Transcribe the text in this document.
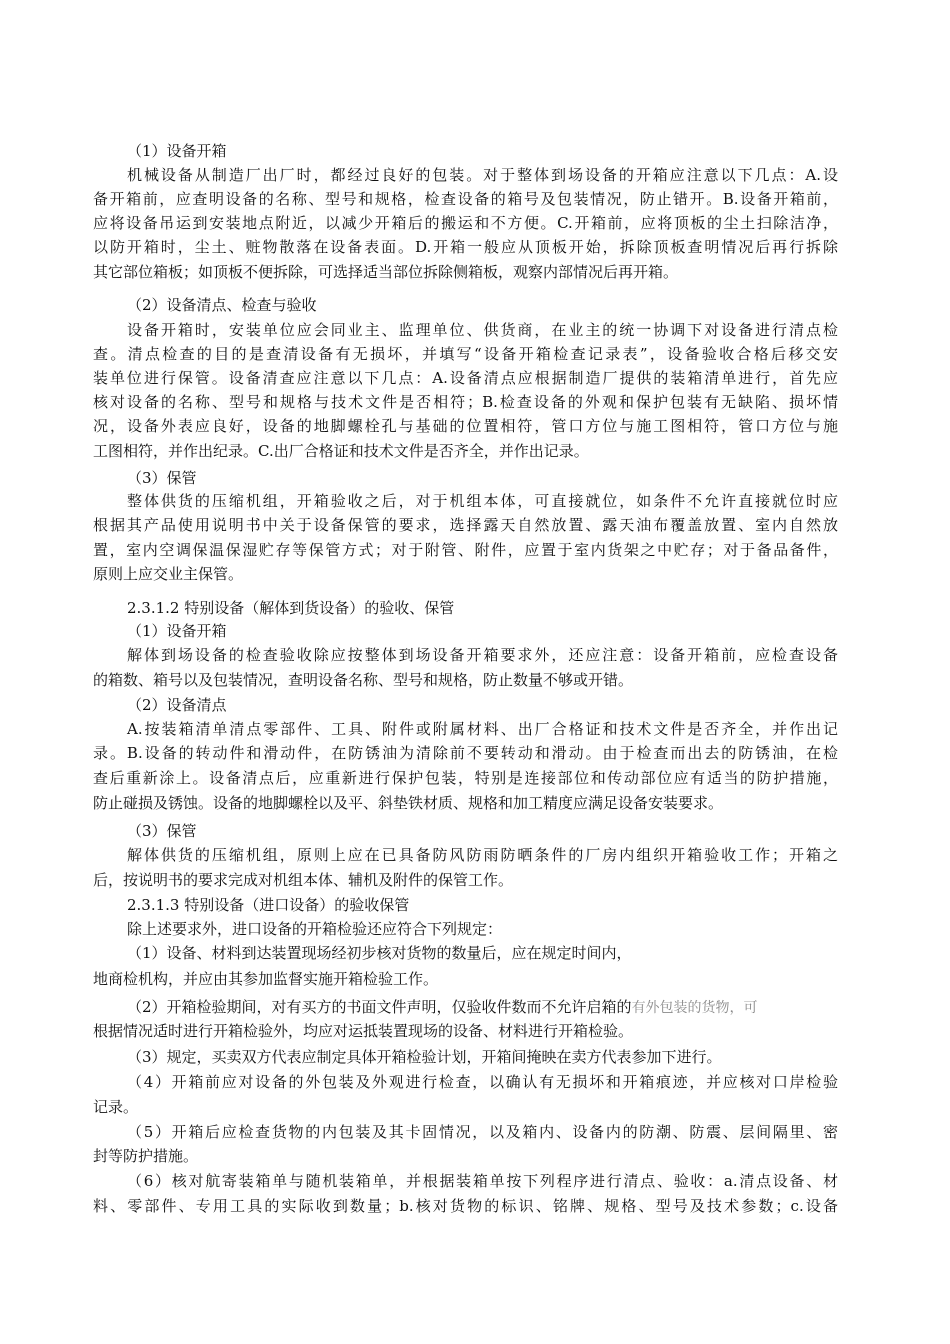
（1）设备开箱
机械设备从制造厂出厂时，都经过良好的包装。对于整体到场设备的开箱应注意以下几点：A.设
备开箱前，应查明设备的名称、型号和规格，检查设备的箱号及包装情况，防止错开。B.设备开箱前，
应将设备吊运到安装地点附近，以减少开箱后的搬运和不方便。C.开箱前，应将顶板的尘土扫除洁净，
以防开箱时，尘土、赃物散落在设备表面。D.开箱一般应从顶板开始，拆除顶板查明情况后再行拆除
其它部位箱板；如顶板不便拆除，可选择适当部位拆除侧箱板，观察内部情况后再开箱。
（2）设备清点、检查与验收
设备开箱时，安装单位应会同业主、监理单位、供货商，在业主的统一协调下对设备进行清点检
查。清点检查的目的是查清设备有无损坏，并填写“设备开箱检查记录表”，设备验收合格后移交安
装单位进行保管。设备清查应注意以下几点：A.设备清点应根据制造厂提供的装箱清单进行，首先应
核对设备的名称、型号和规格与技术文件是否相符；B.检查设备的外观和保护包装有无缺陷、损坏情
况，设备外表应良好，设备的地脚螺栓孔与基础的位置相符，管口方位与施工图相符，管口方位与施
工图相符，并作出纪录。C.出厂合格证和技术文件是否齐全，并作出记录。
（3）保管
整体供货的压缩机组，开箱验收之后，对于机组本体，可直接就位，如条件不允许直接就位时应
根据其产品使用说明书中关于设备保管的要求，选择露天自然放置、露天油布覆盖放置、室内自然放
置，室内空调保温保湿贮存等保管方式；对于附管、附件，应置于室内货架之中贮存；对于备品备件，
原则上应交业主保管。
2.3.1.2 特别设备（解体到货设备）的验收、保管
（1）设备开箱
解体到场设备的检查验收除应按整体到场设备开箱要求外，还应注意：设备开箱前，应检查设备
的箱数、箱号以及包装情况，查明设备名称、型号和规格，防止数量不够或开错。
（2）设备清点
A.按装箱清单清点零部件、工具、附件或附属材料、出厂合格证和技术文件是否齐全，并作出记
录。B.设备的转动件和滑动件，在防锈油为清除前不要转动和滑动。由于检查而出去的防锈油，在检
查后重新涂上。设备清点后，应重新进行保护包装，特别是连接部位和传动部位应有适当的防护措施，
防止碰损及锈蚀。设备的地脚螺栓以及平、斜垫铁材质、规格和加工精度应满足设备安装要求。
（3）保管
解体供货的压缩机组，原则上应在已具备防风防雨防晒条件的厂房内组织开箱验收工作；开箱之
后，按说明书的要求完成对机组本体、辅机及附件的保管工作。
2.3.1.3 特别设备（进口设备）的验收保管
除上述要求外，进口设备的开箱检验还应符合下列规定：
（1）设备、材料到达装置现场经初步核对货物的数量后，应在规定时间内，
地商检机构，并应由其参加监督实施开箱检验工作。
（2）开箱检验期间，对有买方的书面文件声明，仅验收件数而不允许启箱的有外包装的货物，可
根据情况适时进行开箱检验外，均应对运抵装置现场的设备、材料进行开箱检验。
（3）规定，买卖双方代表应制定具体开箱检验计划，开箱间掩映在卖方代表参加下进行。
（4）开箱前应对设备的外包装及外观进行检查，以确认有无损坏和开箱痕迹，并应核对口岸检验
记录。
（5）开箱后应检查货物的内包装及其卡固情况，以及箱内、设备内的防潮、防震、层间隔里、密
封等防护措施。
（6）核对航寄装箱单与随机装箱单，并根据装箱单按下列程序进行清点、验收：a.清点设备、材
料、零部件、专用工具的实际收到数量；b.核对货物的标识、铭牌、规格、型号及技术参数；c.设备
